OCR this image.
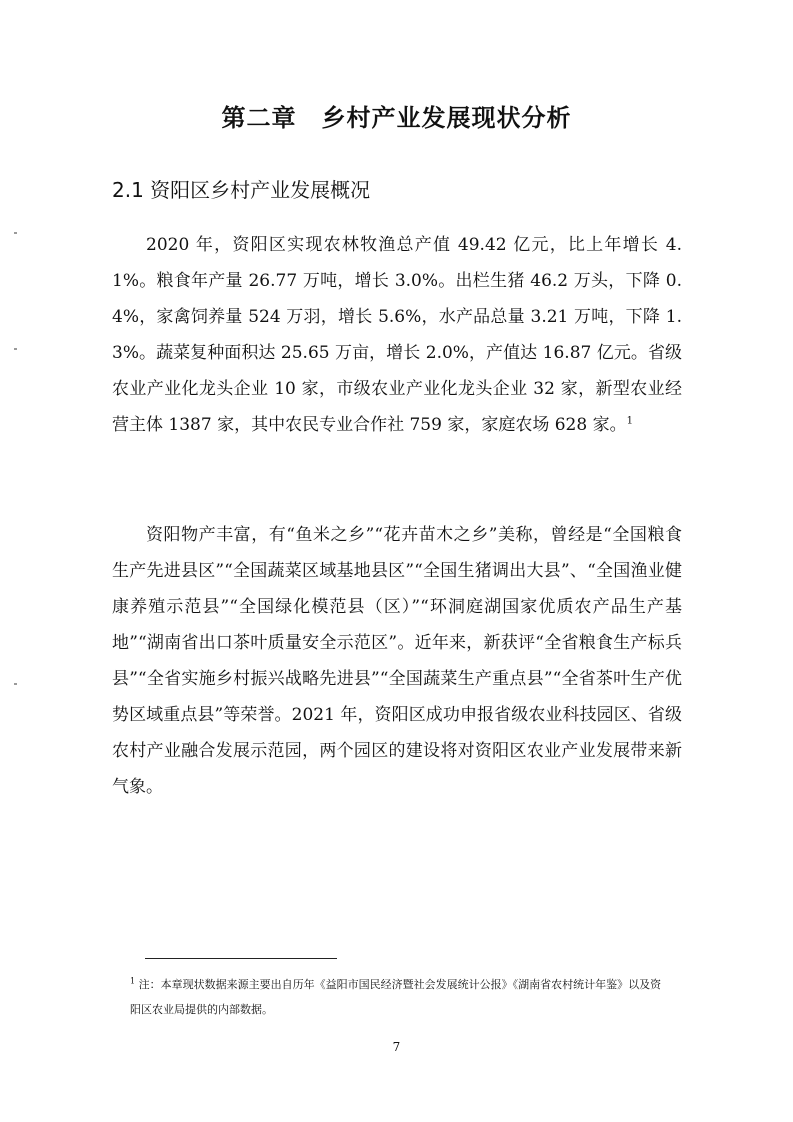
第二章　乡村产业发展现状分析
2.1 资阳区乡村产业发展概况

2020 年，资阳区实现农林牧渔总产值 49.42 亿元，比上年增长 4.1%。粮食年产量 26.77 万吨，增长 3.0%。出栏生猪 46.2 万头，下降 0.4%，家禽饲养量 524 万羽，增长 5.6%，水产品总量 3.21 万吨，下降 1.3%。蔬菜复种面积达 25.65 万亩，增长 2.0%，产值达 16.87 亿元。省级农业产业化龙头企业 10 家，市级农业产业化龙头企业 32 家，新型农业经营主体 1387 家，其中农民专业合作社 759 家，家庭农场 628 家。$^1$

资阳物产丰富，有“鱼米之乡”“花卉苗木之乡”美称，曾经是“全国粮食生产先进县区”“全国蔬菜区域基地县区”“全国生猪调出大县”、“全国渔业健康养殖示范县”“全国绿化模范县（区）”“环洞庭湖国家优质农产品生产基地”“湖南省出口茶叶质量安全示范区”。近年来，新获评“全省粮食生产标兵县”“全省实施乡村振兴战略先进县”“全国蔬菜生产重点县”“全省茶叶生产优势区域重点县”等荣誉。2021 年，资阳区成功申报省级农业科技园区、省级农村产业融合发展示范园，两个园区的建设将对资阳区农业产业发展带来新气象。

$^1$ 注：本章现状数据来源主要出自历年《益阳市国民经济暨社会发展统计公报》《湖南省农村统计年鉴》以及资阳区农业局提供的内部数据。

7
